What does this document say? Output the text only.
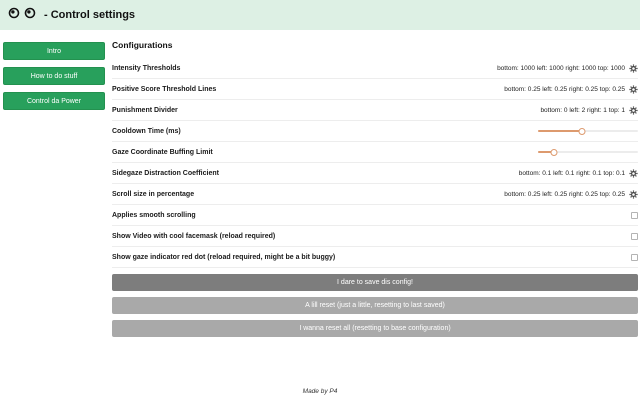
- Control settings
Intro
How to do stuff
Control da Power
Configurations
Intensity Thresholds	bottom: 1000 left: 1000 right: 1000 top: 1000
Positive Score Threshold Lines	bottom: 0.25 left: 0.25 right: 0.25 top: 0.25
Punishment Divider	bottom: 0 left: 2 right: 1 top: 1
Cooldown Time (ms)
Gaze Coordinate Buffing Limit
Sidegaze Distraction Coefficient	bottom: 0.1 left: 0.1 right: 0.1 top: 0.1
Scroll size in percentage	bottom: 0.25 left: 0.25 right: 0.25 top: 0.25
Applies smooth scrolling
Show Video with cool facemask (reload required)
Show gaze indicator red dot (reload required, might be a bit buggy)
I dare to save dis config!
A lill reset (just a little, resetting to last saved)
I wanna reset all (resetting to base configuration)
Made by P4
